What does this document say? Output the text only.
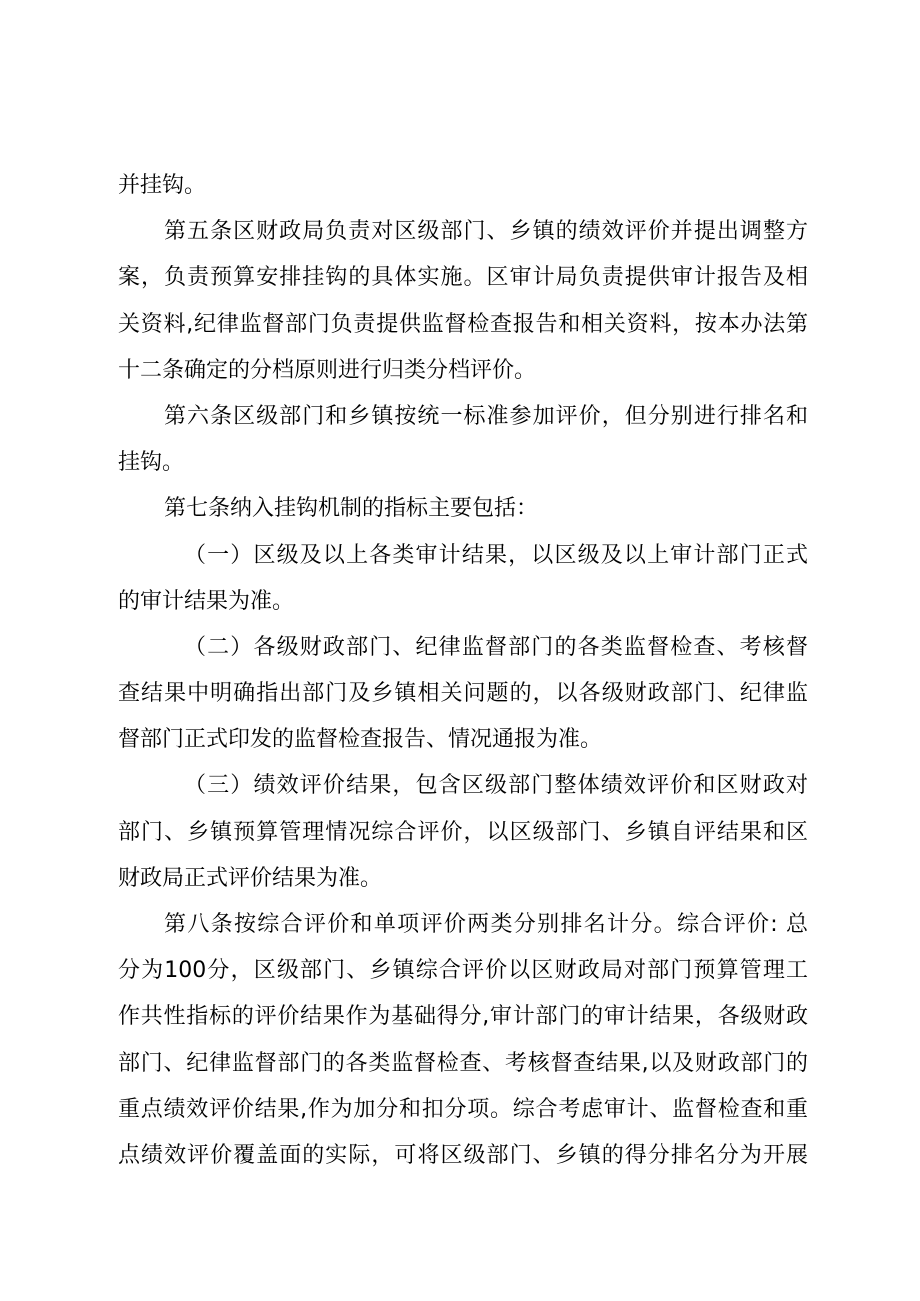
并挂钩。
第五条区财政局负责对区级部门、乡镇的绩效评价并提出调整方
案，负责预算安排挂钩的具体实施。区审计局负责提供审计报告及相
关资料,纪律监督部门负责提供监督检查报告和相关资料，按本办法第
十二条确定的分档原则进行归类分档评价。
第六条区级部门和乡镇按统一标准参加评价，但分别进行排名和
挂钩。
第七条纳入挂钩机制的指标主要包括：
（一）区级及以上各类审计结果，以区级及以上审计部门正式
的审计结果为准。
（二）各级财政部门、纪律监督部门的各类监督检查、考核督
查结果中明确指出部门及乡镇相关问题的，以各级财政部门、纪律监
督部门正式印发的监督检查报告、情况通报为准。
（三）绩效评价结果，包含区级部门整体绩效评价和区财政对
部门、乡镇预算管理情况综合评价，以区级部门、乡镇自评结果和区
财政局正式评价结果为准。
第八条按综合评价和单项评价两类分别排名计分。综合评价: 总
分为100分，区级部门、乡镇综合评价以区财政局对部门预算管理工
作共性指标的评价结果作为基础得分,审计部门的审计结果，各级财政
部门、纪律监督部门的各类监督检查、考核督查结果,以及财政部门的
重点绩效评价结果,作为加分和扣分项。综合考虑审计、监督检查和重
点绩效评价覆盖面的实际，可将区级部门、乡镇的得分排名分为开展
